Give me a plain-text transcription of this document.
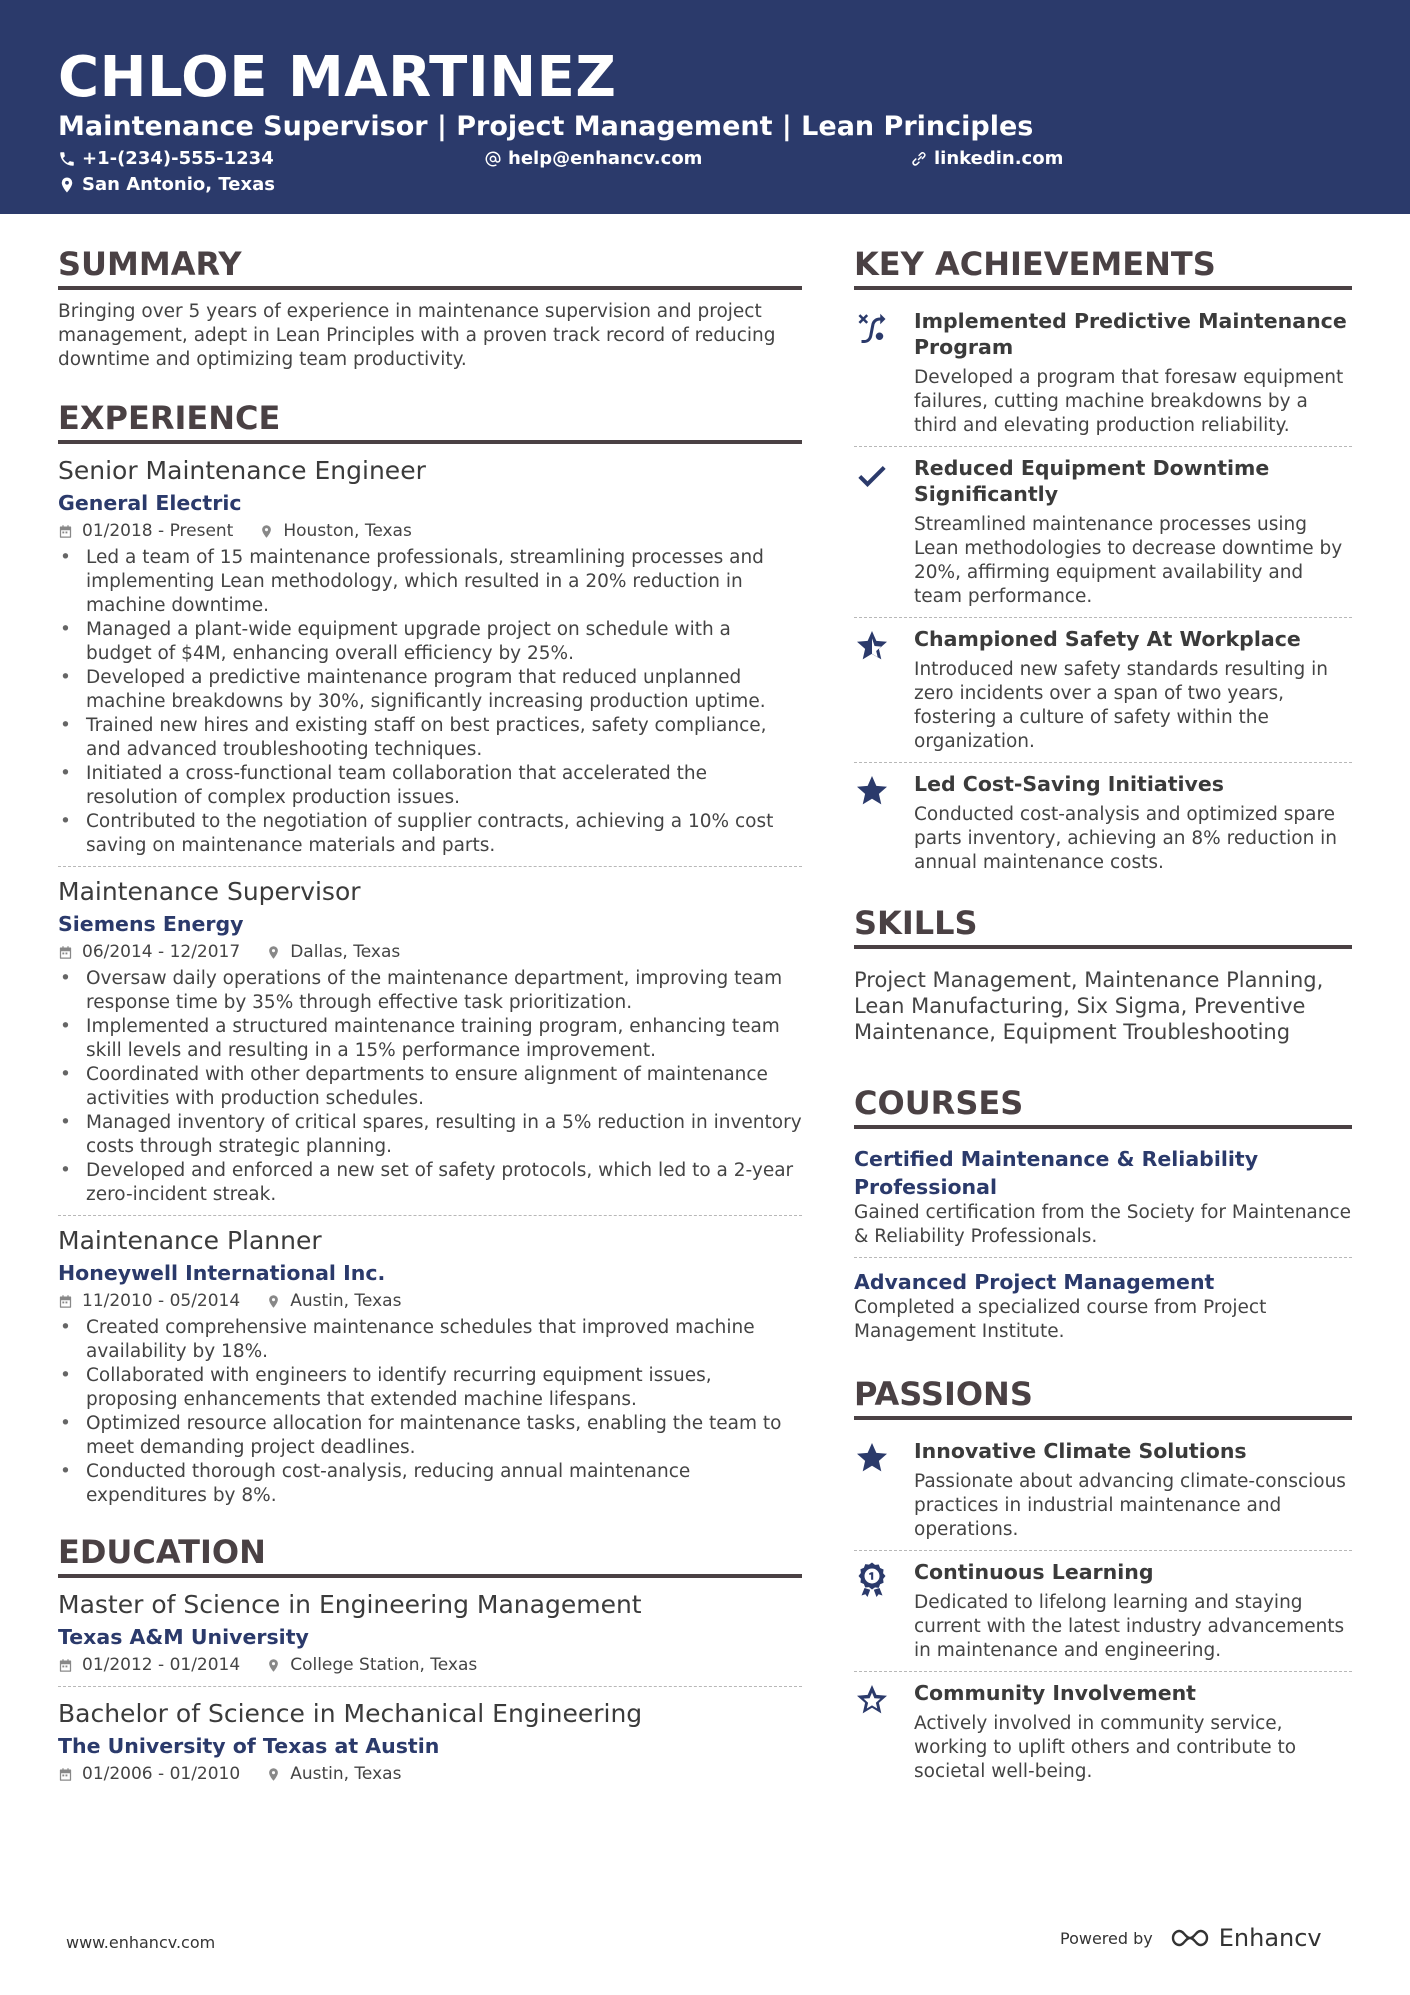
CHLOE MARTINEZ
Maintenance Supervisor | Project Management | Lean Principles
+1-(234)-555-1234	help@enhancv.com	linkedin.com
San Antonio, Texas
SUMMARY
Bringing over 5 years of experience in maintenance supervision and project management, adept in Lean Principles with a proven track record of reducing downtime and optimizing team productivity.
EXPERIENCE
Senior Maintenance Engineer
General Electric
01/2018 - Present	Houston, Texas
• Led a team of 15 maintenance professionals, streamlining processes and implementing Lean methodology, which resulted in a 20% reduction in machine downtime.
• Managed a plant-wide equipment upgrade project on schedule with a budget of $4M, enhancing overall efficiency by 25%.
• Developed a predictive maintenance program that reduced unplanned machine breakdowns by 30%, significantly increasing production uptime.
• Trained new hires and existing staff on best practices, safety compliance, and advanced troubleshooting techniques.
• Initiated a cross-functional team collaboration that accelerated the resolution of complex production issues.
• Contributed to the negotiation of supplier contracts, achieving a 10% cost saving on maintenance materials and parts.
Maintenance Supervisor
Siemens Energy
06/2014 - 12/2017	Dallas, Texas
• Oversaw daily operations of the maintenance department, improving team response time by 35% through effective task prioritization.
• Implemented a structured maintenance training program, enhancing team skill levels and resulting in a 15% performance improvement.
• Coordinated with other departments to ensure alignment of maintenance activities with production schedules.
• Managed inventory of critical spares, resulting in a 5% reduction in inventory costs through strategic planning.
• Developed and enforced a new set of safety protocols, which led to a 2-year zero-incident streak.
Maintenance Planner
Honeywell International Inc.
11/2010 - 05/2014	Austin, Texas
• Created comprehensive maintenance schedules that improved machine availability by 18%.
• Collaborated with engineers to identify recurring equipment issues, proposing enhancements that extended machine lifespans.
• Optimized resource allocation for maintenance tasks, enabling the team to meet demanding project deadlines.
• Conducted thorough cost-analysis, reducing annual maintenance expenditures by 8%.
EDUCATION
Master of Science in Engineering Management
Texas A&M University
01/2012 - 01/2014	College Station, Texas
Bachelor of Science in Mechanical Engineering
The University of Texas at Austin
01/2006 - 01/2010	Austin, Texas
KEY ACHIEVEMENTS
Implemented Predictive Maintenance Program
Developed a program that foresaw equipment failures, cutting machine breakdowns by a third and elevating production reliability.
Reduced Equipment Downtime Significantly
Streamlined maintenance processes using Lean methodologies to decrease downtime by 20%, affirming equipment availability and team performance.
Championed Safety At Workplace
Introduced new safety standards resulting in zero incidents over a span of two years, fostering a culture of safety within the organization.
Led Cost-Saving Initiatives
Conducted cost-analysis and optimized spare parts inventory, achieving an 8% reduction in annual maintenance costs.
SKILLS
Project Management, Maintenance Planning, Lean Manufacturing, Six Sigma, Preventive Maintenance, Equipment Troubleshooting
COURSES
Certified Maintenance & Reliability Professional
Gained certification from the Society for Maintenance & Reliability Professionals.
Advanced Project Management
Completed a specialized course from Project Management Institute.
PASSIONS
Innovative Climate Solutions
Passionate about advancing climate-conscious practices in industrial maintenance and operations.
Continuous Learning
Dedicated to lifelong learning and staying current with the latest industry advancements in maintenance and engineering.
Community Involvement
Actively involved in community service, working to uplift others and contribute to societal well-being.
www.enhancv.com	Powered by	Enhancv
